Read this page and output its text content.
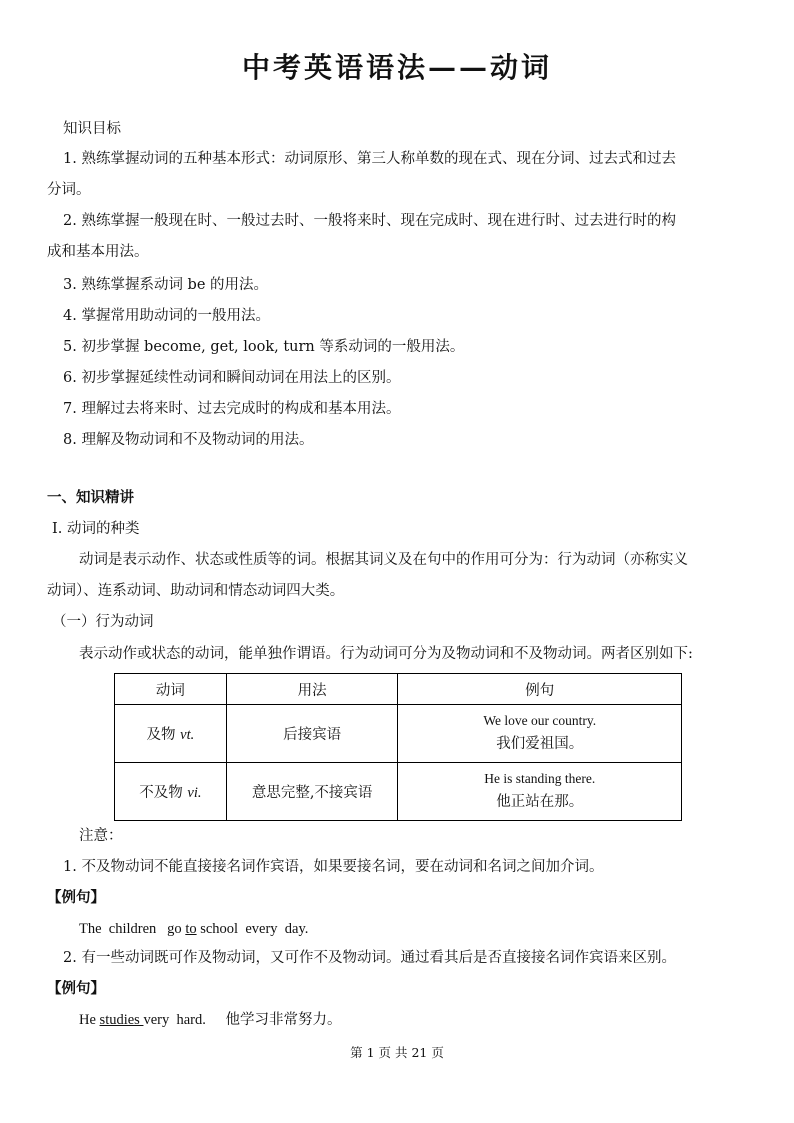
中考英语语法——动词
知识目标
1. 熟练掌握动词的五种基本形式：动词原形、第三人称单数的现在式、现在分词、过去式和过去
分词。
2. 熟练掌握一般现在时、一般过去时、一般将来时、现在完成时、现在进行时、过去进行时的构
成和基本用法。
3. 熟练掌握系动词 be 的用法。
4. 掌握常用助动词的一般用法。
5. 初步掌握 become, get, look, turn 等系动词的一般用法。
6. 初步掌握延续性动词和瞬间动词在用法上的区别。
7. 理解过去将来时、过去完成时的构成和基本用法。
8. 理解及物动词和不及物动词的用法。
一、知识精讲
Ⅰ. 动词的种类
动词是表示动作、状态或性质等的词。根据其词义及在句中的作用可分为：行为动词（亦称实义
动词）、连系动词、助动词和情态动词四大类。
（一）行为动词
表示动作或状态的动词，能单独作谓语。行为动词可分为及物动词和不及物动词。两者区别如下:
动词	用法	例句
及物 vt.	后接宾语	We love our country.
我们爱祖国。

不及物 vi.	意思完整,不接宾语	He is standing there.
他正站在那。
注意：
1. 不及物动词不能直接接名词作宾语，如果要接名词，要在动词和名词之间加介词。
【例句】
The  children   go to school  every  day.
2. 有一些动词既可作及物动词，又可作不及物动词。通过看其后是否直接接名词作宾语来区别。
【例句】
He studies very  hard. 他学习非常努力。
第 1 页 共 21 页
